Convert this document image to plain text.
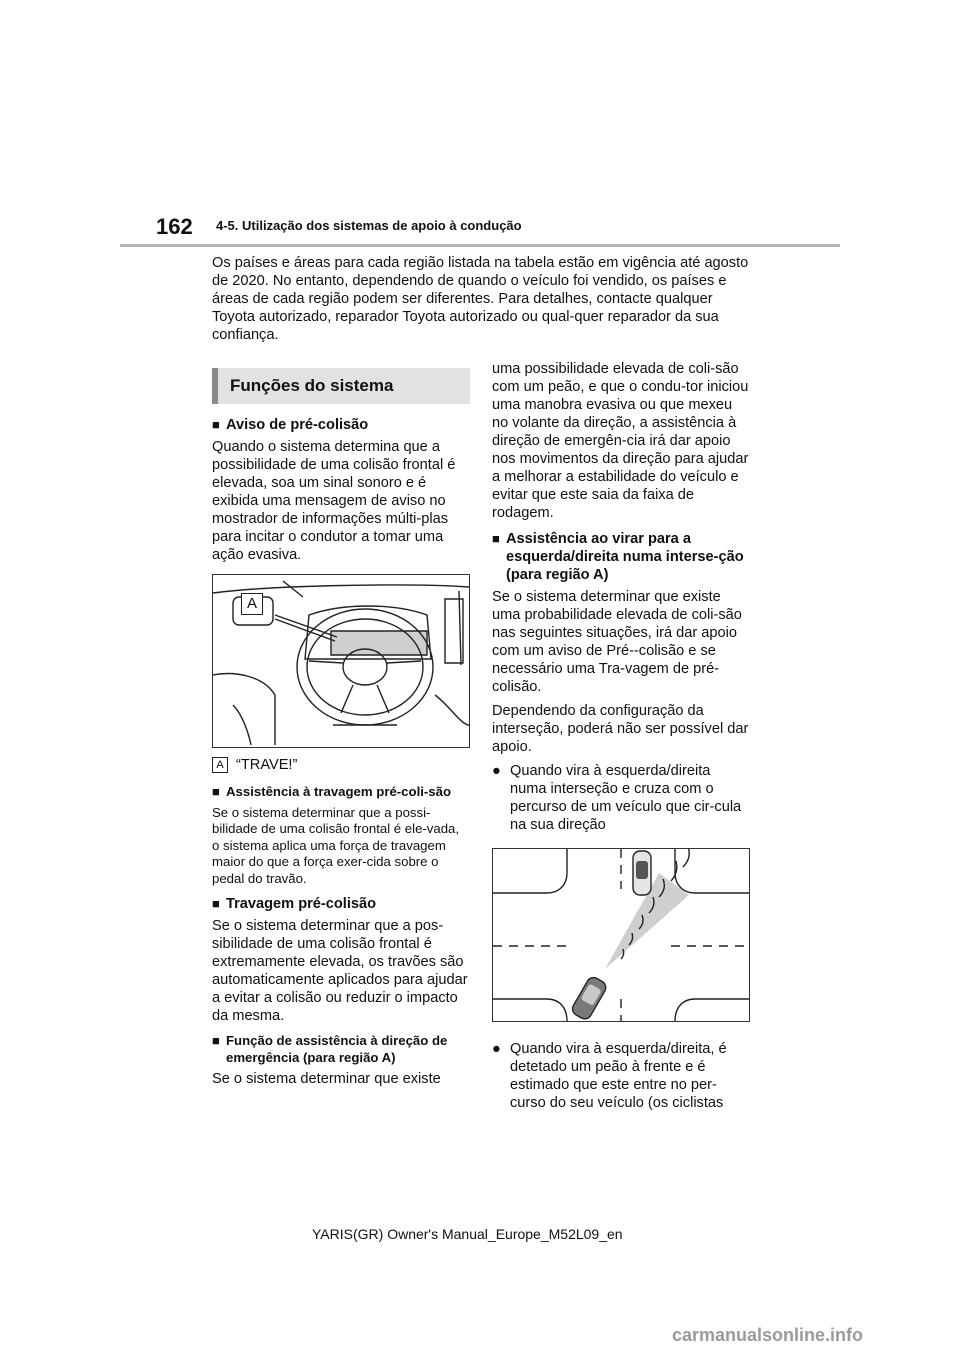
162 4-5. Utilização dos sistemas de apoio à condução

Os países e áreas para cada região listada na tabela estão em vigência até agosto de 2020. No entanto, dependendo de quando o veículo foi vendido, os países e áreas de cada região podem ser diferentes. Para detalhes, contacte qualquer Toyota autorizado, reparador Toyota autorizado ou qual-quer reparador da sua confiança.

Funções do sistema
■ Aviso de pré-colisão

Quando o sistema determina que a possibilidade de uma colisão frontal é elevada, soa um sinal sonoro e é exibida uma mensagem de aviso no mostrador de informações múlti-plas para incitar o condutor a tomar uma ação evasiva.

A
A “TRAVE!”
■ Assistência à travagem pré-coli-são

Se o sistema determinar que a possi-bilidade de uma colisão frontal é ele-vada, o sistema aplica uma força de travagem maior do que a força exer-cida sobre o pedal do travão.

■ Travagem pré-colisão

Se o sistema determinar que a pos-sibilidade de uma colisão frontal é extremamente elevada, os travões são automaticamente aplicados para ajudar a evitar a colisão ou reduzir o impacto da mesma.

■ Função de assistência à direção de emergência (para região A)

Se o sistema determinar que existe

uma possibilidade elevada de coli-são com um peão, e que o condu-tor iniciou uma manobra evasiva ou que mexeu no volante da direção, a assistência à direção de emergên-cia irá dar apoio nos movimentos da direção para ajudar a melhorar a estabilidade do veículo e evitar que este saia da faixa de rodagem.

■ Assistência ao virar para a esquerda/direita numa interse-ção (para região A)

Se o sistema determinar que existe uma probabilidade elevada de coli-são nas seguintes situações, irá dar apoio com um aviso de Pré--colisão e se necessário uma Tra-vagem de pré-colisão.

Dependendo da configuração da interseção, poderá não ser possível dar apoio.

● Quando vira à esquerda/direita numa interseção e cruza com o percurso de um veículo que cir-cula na sua direção
● Quando vira à esquerda/direita, é detetado um peão à frente e é estimado que este entre no per-curso do seu veículo (os ciclistas
YARIS(GR) Owner's Manual_Europe_M52L09_en
carmanualsonline.info
